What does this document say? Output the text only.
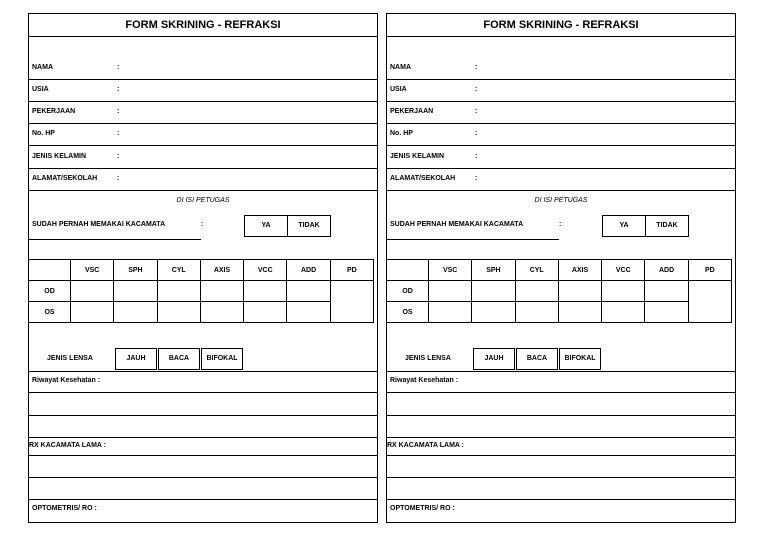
FORM SKRINING - REFRAKSI
NAMA	:
USIA	:
PEKERJAAN	:
No. HP	:
JENIS KELAMIN	:
ALAMAT/SEKOLAH	:
DI ISI PETUGAS
SUDAH PERNAH MEMAKAI KACAMATA	:	YA	TIDAK
	VSC	SPH	CYL	AXIS	VCC	ADD	PD
OD							
OS							
JENIS LENSA	JAUH	BACA	BIFOKAL
Riwayat Kesehatan :
RX KACAMATA LAMA :
OPTOMETRIS/ RO :
FORM SKRINING - REFRAKSI
NAMA	:
USIA	:
PEKERJAAN	:
No. HP	:
JENIS KELAMIN	:
ALAMAT/SEKOLAH	:
DI ISI PETUGAS
SUDAH PERNAH MEMAKAI KACAMATA	:	YA	TIDAK
	VSC	SPH	CYL	AXIS	VCC	ADD	PD
OD							
OS							
JENIS LENSA	JAUH	BACA	BIFOKAL
Riwayat Kesehatan :
RX KACAMATA LAMA :
OPTOMETRIS/ RO :
